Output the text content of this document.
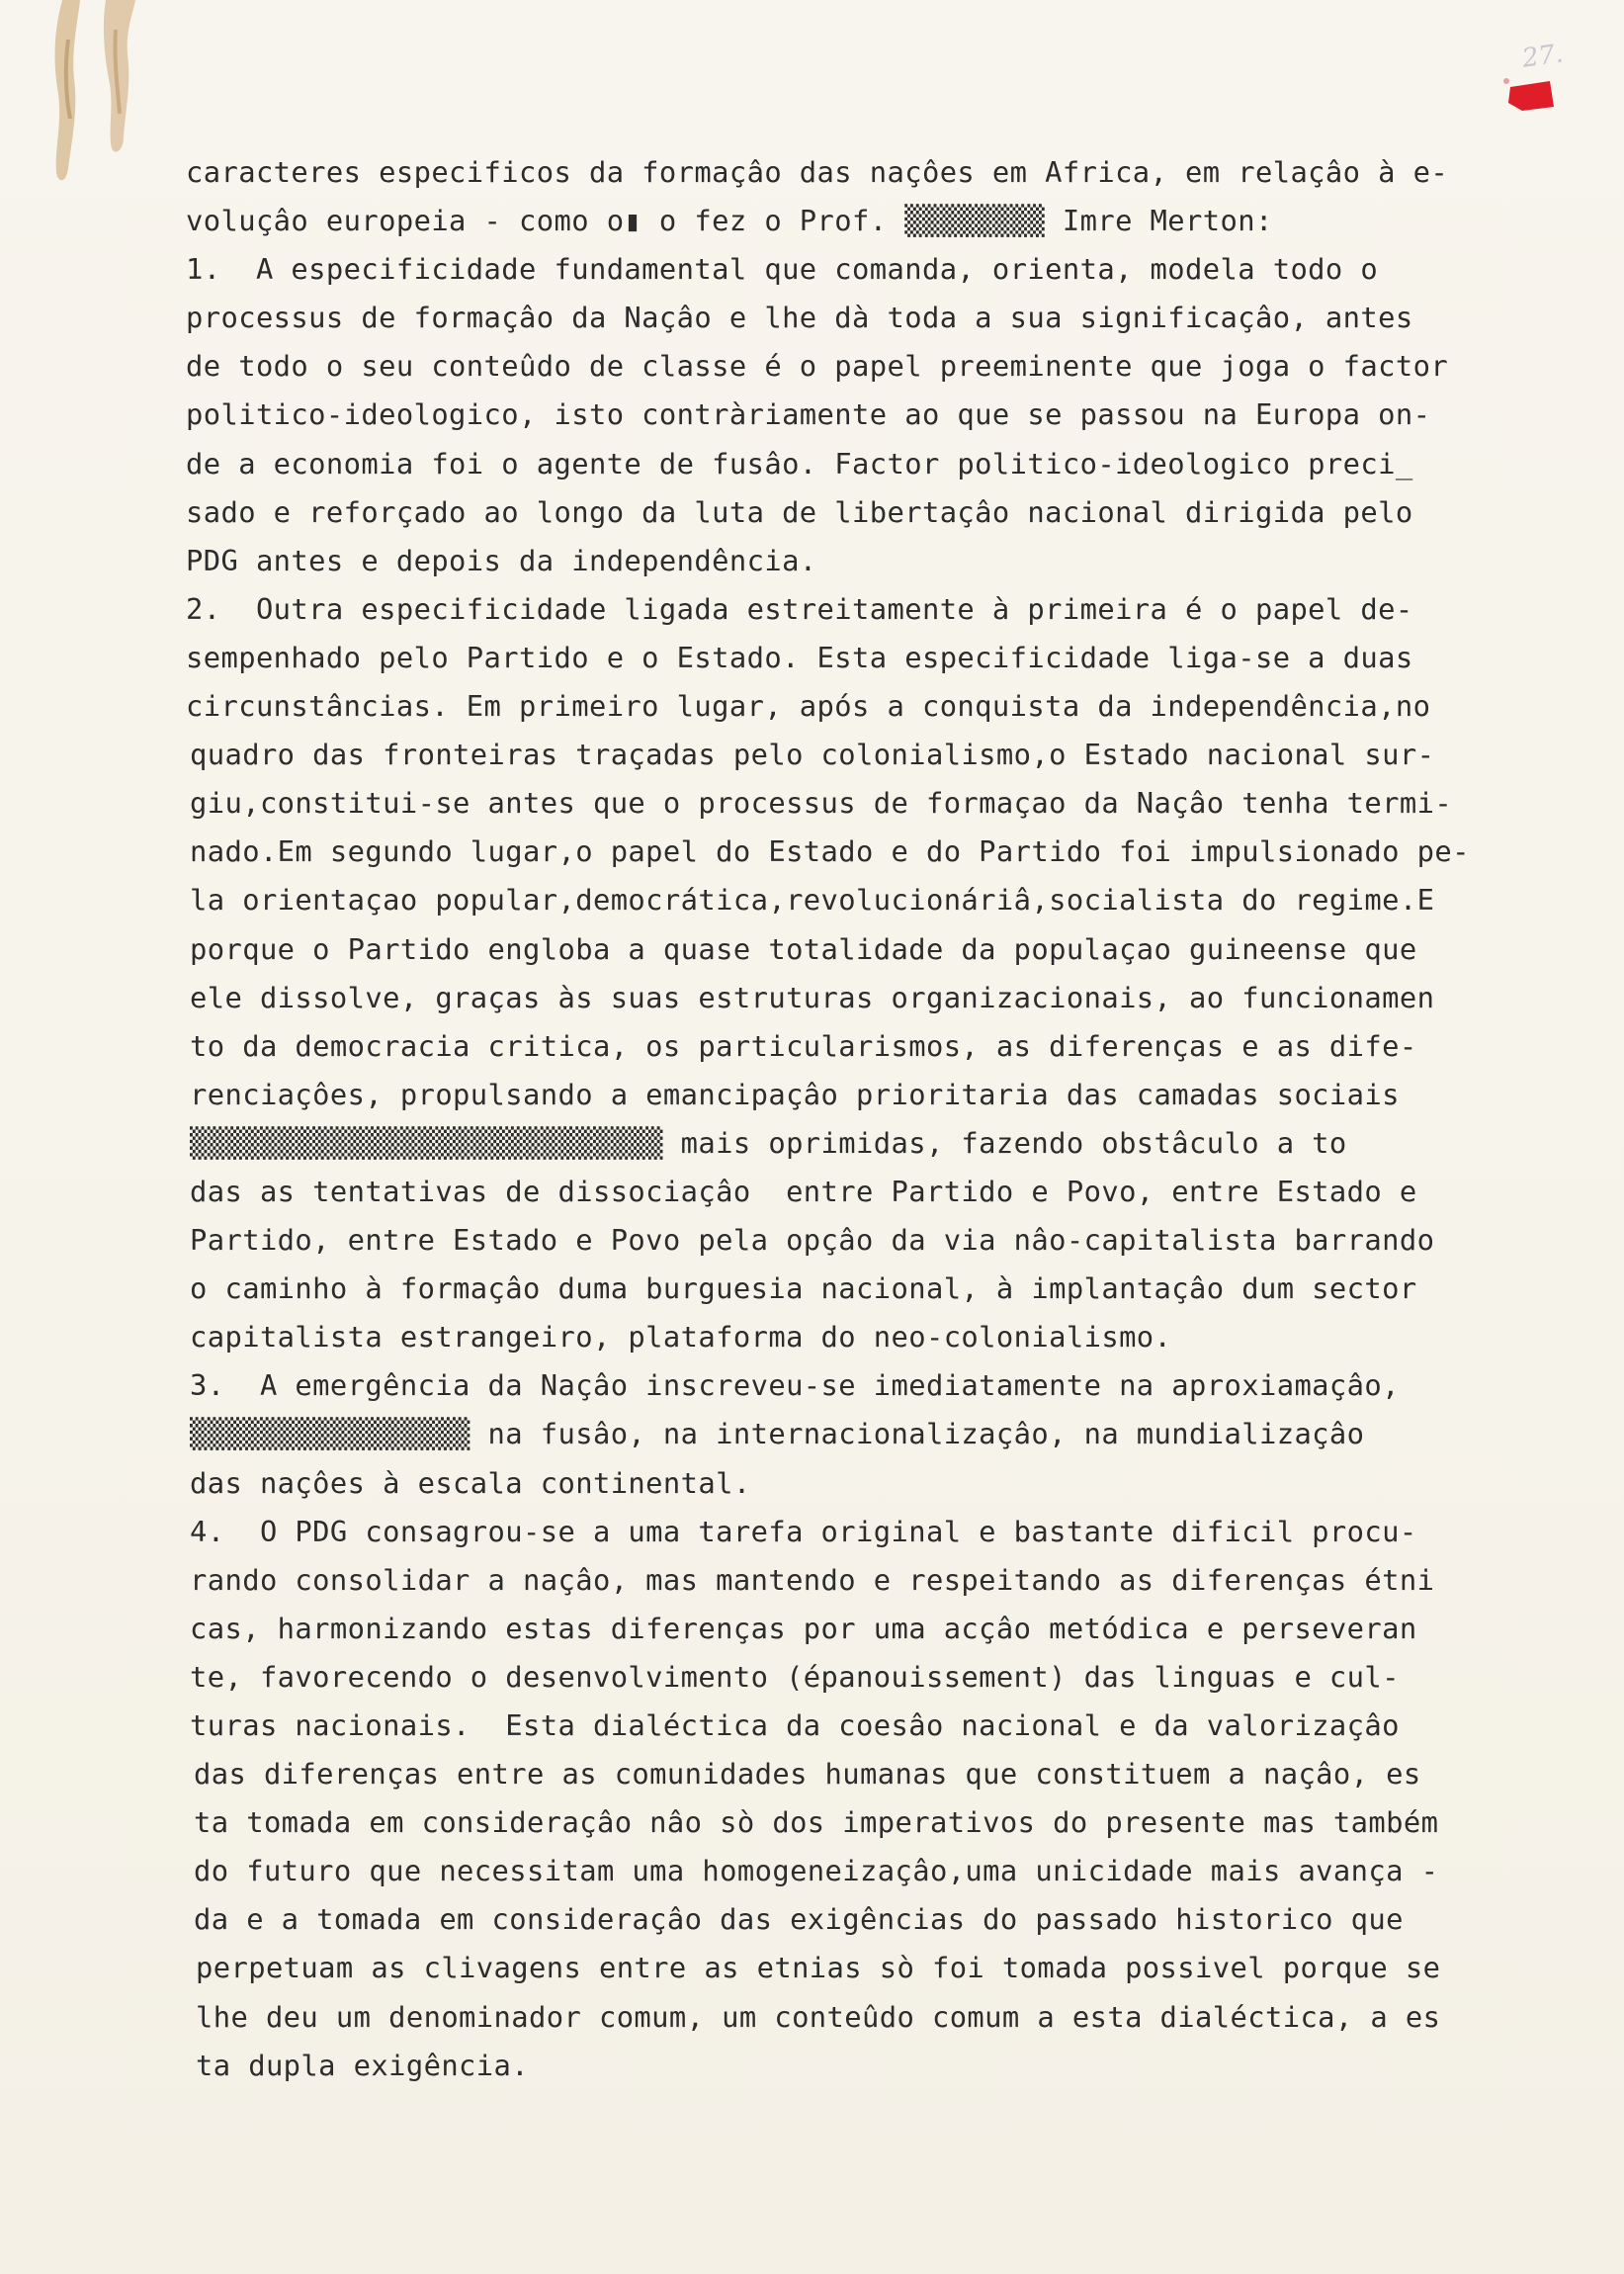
27.
caracteres especificos da formaçâo das naçôes em Africa, em relaçâo à e-
voluçâo europeia - como o▮ o fez o Prof. ▒▒▒▒▒▒▒▒ Imre Merton:
1.  A especificidade fundamental que comanda, orienta, modela todo o
processus de formaçâo da Naçâo e lhe dà toda a sua significaçâo, antes
de todo o seu conteûdo de classe é o papel preeminente que joga o factor
politico-ideologico, isto contràriamente ao que se passou na Europa on-
de a economia foi o agente de fusâo. Factor politico-ideologico preci_
sado e reforçado ao longo da luta de libertaçâo nacional dirigida pelo
PDG antes e depois da independência.
2.  Outra especificidade ligada estreitamente à primeira é o papel de-
sempenhado pelo Partido e o Estado. Esta especificidade liga-se a duas
circunstâncias. Em primeiro lugar, após a conquista da independência,no
quadro das fronteiras traçadas pelo colonialismo,o Estado nacional sur-
giu,constitui-se antes que o processus de formaçao da Naçâo tenha termi-
nado.Em segundo lugar,o papel do Estado e do Partido foi impulsionado pe-
la orientaçao popular,democrática,revolucionáriâ,socialista do regime.E
porque o Partido engloba a quase totalidade da populaçao guineense que
ele dissolve, graças às suas estruturas organizacionais, ao funcionamen
to da democracia critica, os particularismos, as diferenças e as dife-
renciaçôes, propulsando a emancipaçâo prioritaria das camadas sociais
▒▒▒▒▒▒▒▒▒▒▒▒▒▒▒▒▒▒▒▒▒▒▒▒▒▒▒ mais oprimidas, fazendo obstâculo a to
das as tentativas de dissociaçâo  entre Partido e Povo, entre Estado e
Partido, entre Estado e Povo pela opçâo da via nâo-capitalista barrando
o caminho à formaçâo duma burguesia nacional, à implantaçâo dum sector
capitalista estrangeiro, plataforma do neo-colonialismo.
3.  A emergência da Naçâo inscreveu-se imediatamente na aproxiamaçâo,
▒▒▒▒▒▒▒▒▒▒▒▒▒▒▒▒ na fusâo, na internacionalizaçâo, na mundializaçâo
das naçôes à escala continental.
4.  O PDG consagrou-se a uma tarefa original e bastante dificil procu-
rando consolidar a naçâo, mas mantendo e respeitando as diferenças étni
cas, harmonizando estas diferenças por uma acçâo metódica e perseveran
te, favorecendo o desenvolvimento (épanouissement) das linguas e cul-
turas nacionais.  Esta dialéctica da coesâo nacional e da valorizaçâo
das diferenças entre as comunidades humanas que constituem a naçâo, es
ta tomada em consideraçâo nâo sò dos imperativos do presente mas também
do futuro que necessitam uma homogeneizaçâo,uma unicidade mais avança -
da e a tomada em consideraçâo das exigências do passado historico que
perpetuam as clivagens entre as etnias sò foi tomada possivel porque se
lhe deu um denominador comum, um conteûdo comum a esta dialéctica, a es
ta dupla exigência.
